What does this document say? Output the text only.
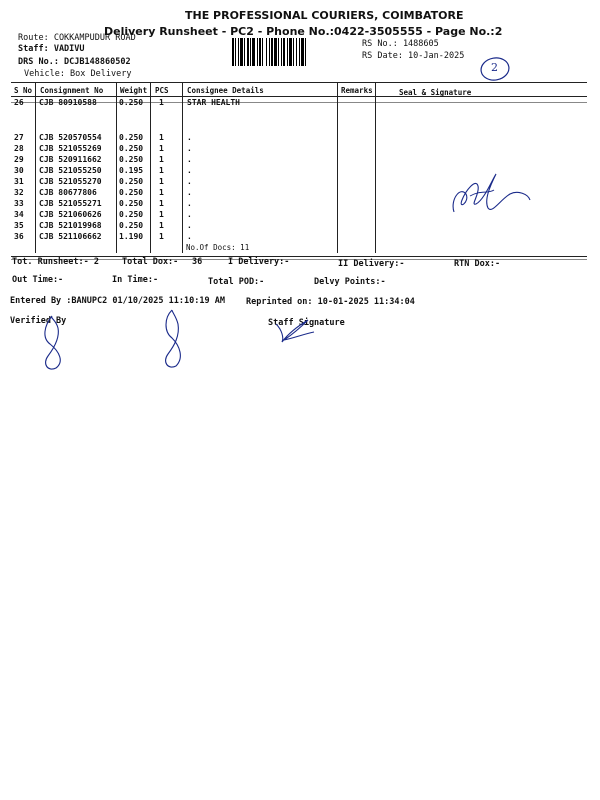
THE PROFESSIONAL COURIERS, COIMBATORE
Delivery Runsheet - PC2 - Phone No.:0422-3505555 - Page No.:2
Route: COKKAMPUDUR ROAD
Staff: VADIVU
DRS No.: DCJB148860502
Vehicle: Box Delivery
RS No.: 1488605
RS Date: 10-Jan-2025
2
S No Consignment No Weight PCS Consignee Details	Remarks	Seal & Signature
26 CJB 80910588	0.250 1	STAR HEALTH
27 CJB 520570554 0.250 1	.
28 CJB 521055269 0.250 1	.
29 CJB 520911662 0.250 1	.
30 CJB 521055250 0.195 1	.
31 CJB 521055270 0.250 1	.
32 CJB 80677806	0.250 1	.
33 CJB 521055271 0.250 1	.
34 CJB 521060626 0.250 1	.
35 CJB 521019968 0.250 1	.
36 CJB 521106662 1.190 1	.
No.Of Docs: 11
Tot. Runsheet:- 2	Total Dox:- 36	I Delivery:-	II Delivery:-	RTN Dox:-
Out Time:-	In Time:-	Total POD:-	Delvy Points:-
Entered By :BANUPC2 01/10/2025 11:10:19 AM Reprinted on: 10-01-2025 11:34:04
Verified By	Staff Signature
